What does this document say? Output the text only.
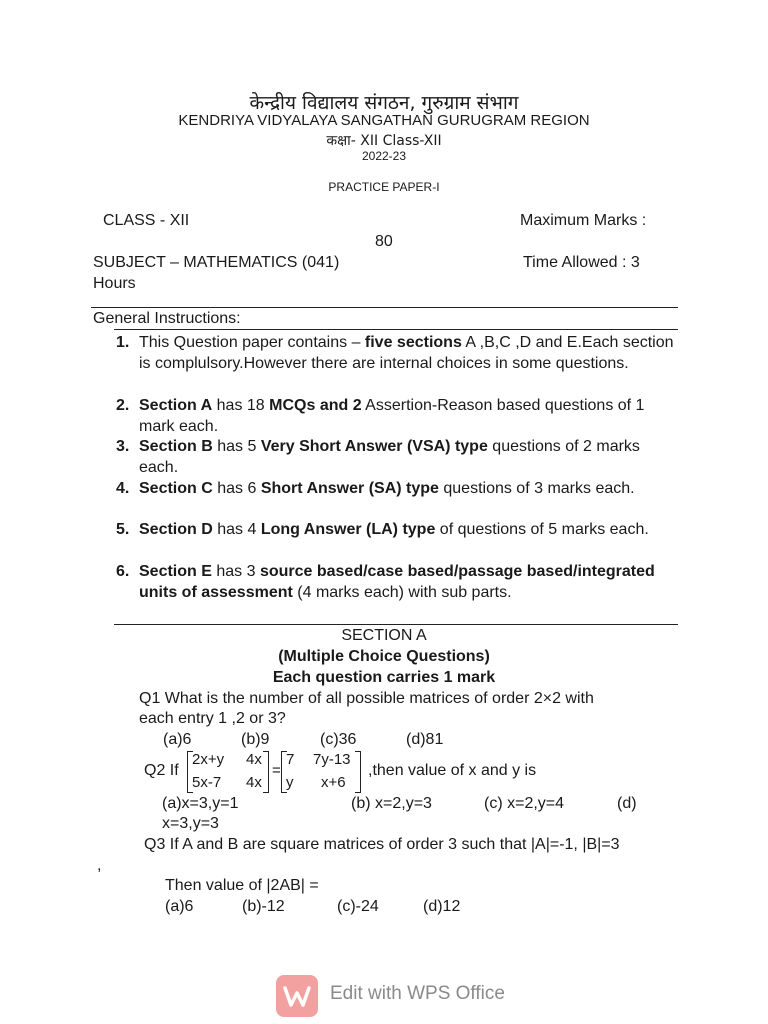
केन्द्रीय विद्यालय संगठन, गुरुग्राम संभाग
KENDRIYA VIDYALAYA SANGATHAN GURUGRAM REGION
कक्षा- XII Class-XII
2022-23
PRACTICE PAPER-I
CLASS - XII	Maximum Marks :
80
SUBJECT – MATHEMATICS (041)	Time Allowed : 3
Hours
General Instructions:
1. This Question paper contains – five sections A ,B,C ,D and E.Each section is complulsory.However there are internal choices in some questions.
2. Section A has 18 MCQs and 2 Assertion-Reason based questions of 1 mark each.
3. Section B has 5 Very Short Answer (VSA) type questions of 2 marks each.
4. Section C has 6 Short Answer (SA) type questions of 3 marks each.
5. Section D has 4 Long Answer (LA) type of questions of 5 marks each.
6. Section E has 3 source based/case based/passage based/integrated units of assessment (4 marks each) with sub parts.
SECTION A
(Multiple Choice Questions)
Each question carries 1 mark
Q1 What is the number of all possible matrices of order 2×2 with
each entry 1 ,2 or 3?
(a)6	(b)9	(c)36	(d)81
Q2 If
2x+y 4x
5x-7 4x
=
7 7y-13
y x+6
,then value of x and y is
(a)x=3,y=1	(b) x=2,y=3	(c) x=2,y=4	(d)
x=3,y=3
Q3 If A and B are square matrices of order 3 such that |A|=-1, |B|=3
,
Then value of |2AB| =
(a)6	(b)-12	(c)-24	(d)12
Edit with WPS Office
